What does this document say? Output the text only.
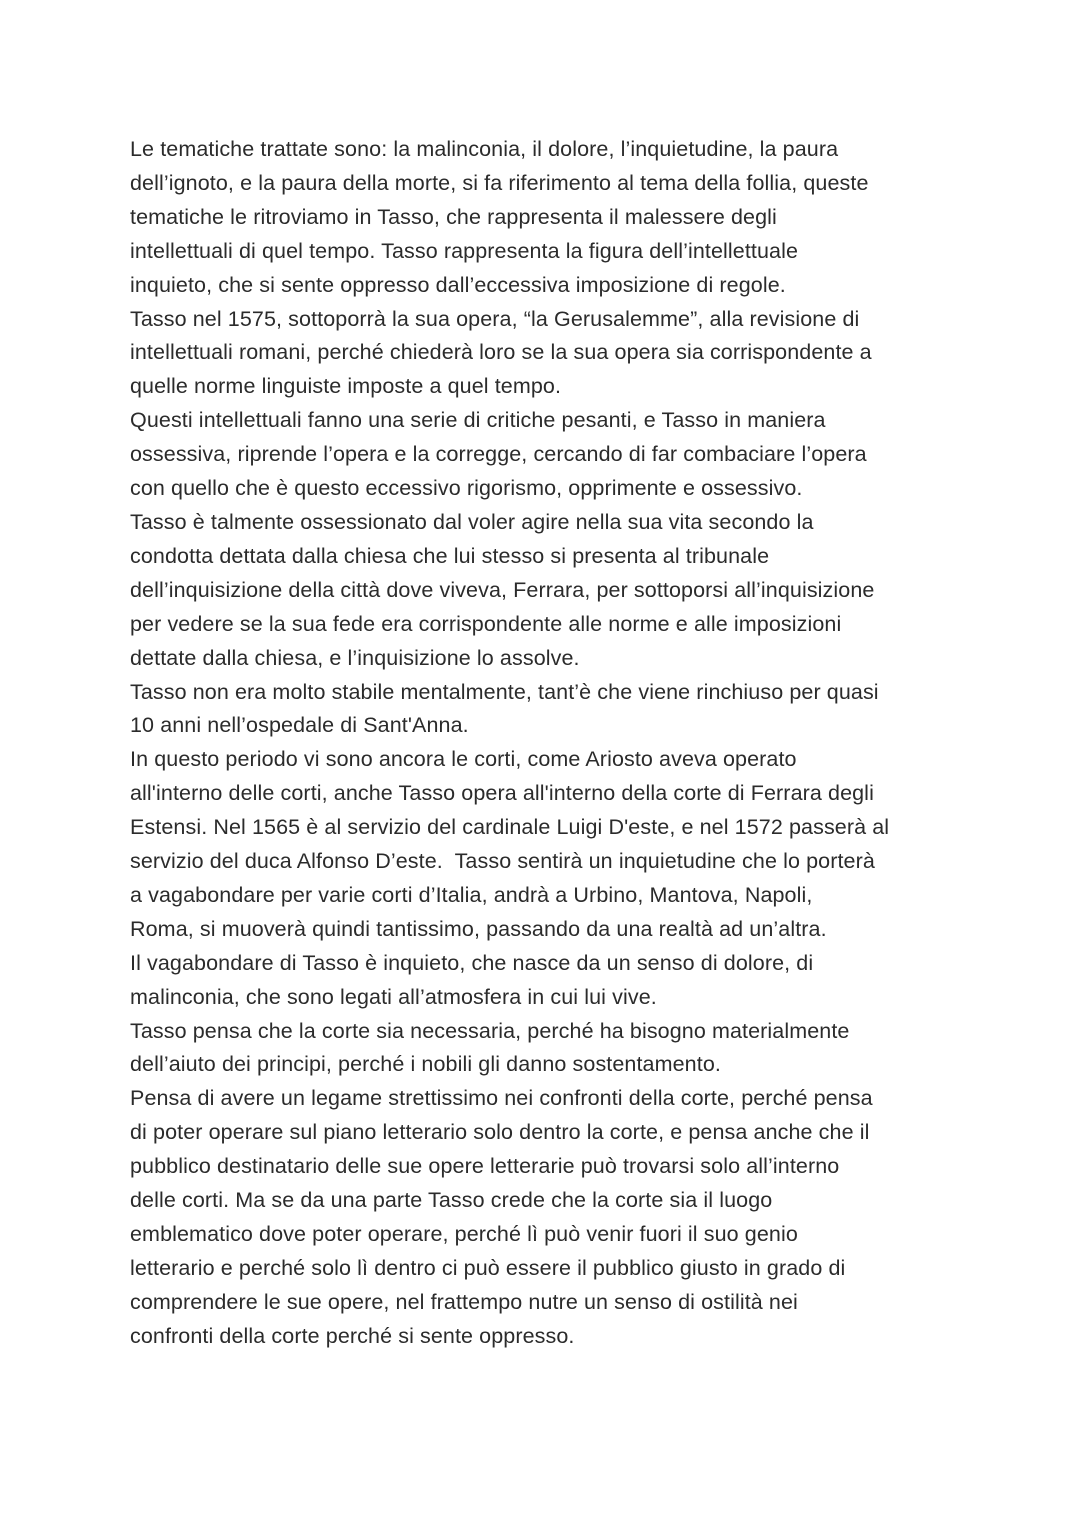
Le tematiche trattate sono: la malinconia, il dolore, l’inquietudine, la paura
dell’ignoto, e la paura della morte, si fa riferimento al tema della follia, queste
tematiche le ritroviamo in Tasso, che rappresenta il malessere degli
intellettuali di quel tempo. Tasso rappresenta la figura dell’intellettuale
inquieto, che si sente oppresso dall’eccessiva imposizione di regole.
Tasso nel 1575, sottoporrà la sua opera, “la Gerusalemme”, alla revisione di
intellettuali romani, perché chiederà loro se la sua opera sia corrispondente a
quelle norme linguiste imposte a quel tempo.
Questi intellettuali fanno una serie di critiche pesanti, e Tasso in maniera
ossessiva, riprende l’opera e la corregge, cercando di far combaciare l’opera
con quello che è questo eccessivo rigorismo, opprimente e ossessivo.
Tasso è talmente ossessionato dal voler agire nella sua vita secondo la
condotta dettata dalla chiesa che lui stesso si presenta al tribunale
dell’inquisizione della città dove viveva, Ferrara, per sottoporsi all’inquisizione
per vedere se la sua fede era corrispondente alle norme e alle imposizioni
dettate dalla chiesa, e l’inquisizione lo assolve.
Tasso non era molto stabile mentalmente, tant’è che viene rinchiuso per quasi
10 anni nell’ospedale di Sant'Anna.
In questo periodo vi sono ancora le corti, come Ariosto aveva operato
all'interno delle corti, anche Tasso opera all'interno della corte di Ferrara degli
Estensi. Nel 1565 è al servizio del cardinale Luigi D'este, e nel 1572 passerà al
servizio del duca Alfonso D’este.  Tasso sentirà un inquietudine che lo porterà
a vagabondare per varie corti d’Italia, andrà a Urbino, Mantova, Napoli,
Roma, si muoverà quindi tantissimo, passando da una realtà ad un’altra.
Il vagabondare di Tasso è inquieto, che nasce da un senso di dolore, di
malinconia, che sono legati all’atmosfera in cui lui vive.
Tasso pensa che la corte sia necessaria, perché ha bisogno materialmente
dell’aiuto dei principi, perché i nobili gli danno sostentamento.
Pensa di avere un legame strettissimo nei confronti della corte, perché pensa
di poter operare sul piano letterario solo dentro la corte, e pensa anche che il
pubblico destinatario delle sue opere letterarie può trovarsi solo all’interno
delle corti. Ma se da una parte Tasso crede che la corte sia il luogo
emblematico dove poter operare, perché lì può venir fuori il suo genio
letterario e perché solo lì dentro ci può essere il pubblico giusto in grado di
comprendere le sue opere, nel frattempo nutre un senso di ostilità nei
confronti della corte perché si sente oppresso.
